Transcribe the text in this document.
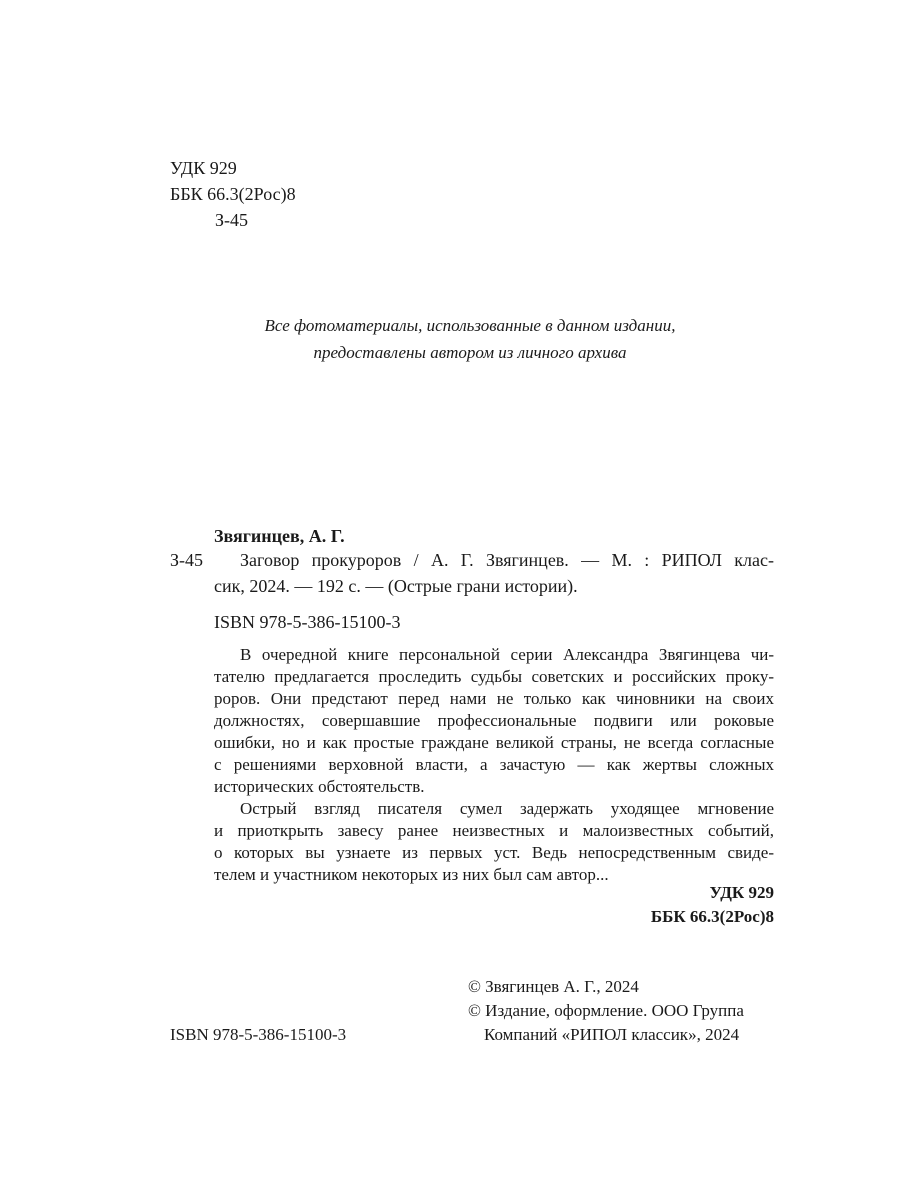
УДК 929
ББК 66.3(2Рос)8
З-45
Все фотоматериалы, использованные в данном издании,
предоставлены автором из личного архива
Звягинцев, А. Г.
З-45 Заговор прокуроров / А. Г. Звягинцев. — М. : РИПОЛ клас-
сик, 2024. — 192 с. — (Острые грани истории).
ISBN 978-5-386-15100-3
В очередной книге персональной серии Александра Звягинцева чи-
тателю предлагается проследить судьбы советских и российских проку-
роров. Они предстают перед нами не только как чиновники на своих
должностях, совершавшие профессиональные подвиги или роковые
ошибки, но и как простые граждане великой страны, не всегда согласные
с решениями верховной власти, а зачастую — как жертвы сложных
исторических обстоятельств.
Острый взгляд писателя сумел задержать уходящее мгновение
и приоткрыть завесу ранее неизвестных и малоизвестных событий,
о которых вы узнаете из первых уст. Ведь непосредственным свиде-
телем и участником некоторых из них был сам автор...
УДК 929
ББК 66.3(2Рос)8
© Звягинцев А. Г., 2024
© Издание, оформление. ООО Группа
Компаний «РИПОЛ классик», 2024
ISBN 978-5-386-15100-3
